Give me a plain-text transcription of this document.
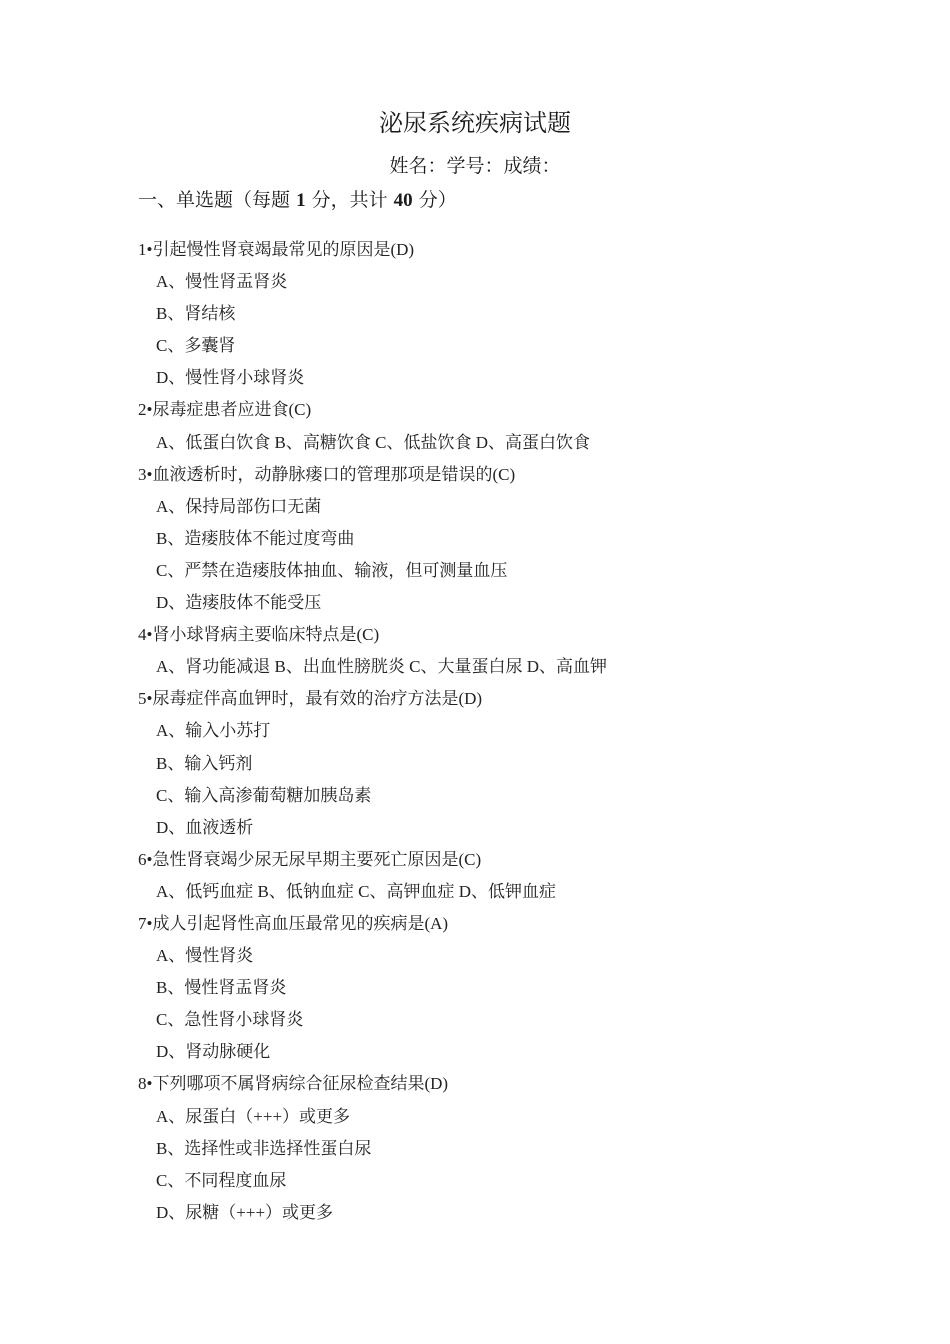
泌尿系统疾病试题
姓名：学号：成绩：
一、单选题（每题 1 分，共计 40 分）
1•引起慢性肾衰竭最常见的原因是(D)
A、慢性肾盂肾炎
B、肾结核
C、多囊肾
D、慢性肾小球肾炎
2•尿毒症患者应进食(C)
A、低蛋白饮食 B、高糖饮食 C、低盐饮食 D、高蛋白饮食
3•血液透析时，动静脉瘘口的管理那项是错误的(C)
A、保持局部伤口无菌
B、造瘘肢体不能过度弯曲
C、严禁在造瘘肢体抽血、输液，但可测量血压
D、造瘘肢体不能受压
4•肾小球肾病主要临床特点是(C)
A、肾功能减退 B、出血性膀胱炎 C、大量蛋白尿 D、高血钾
5•尿毒症伴高血钾时，最有效的治疗方法是(D)
A、输入小苏打
B、输入钙剂
C、输入高渗葡萄糖加胰岛素
D、血液透析
6•急性肾衰竭少尿无尿早期主要死亡原因是(C)
A、低钙血症 B、低钠血症 C、高钾血症 D、低钾血症
7•成人引起肾性高血压最常见的疾病是(A)
A、慢性肾炎
B、慢性肾盂肾炎
C、急性肾小球肾炎
D、肾动脉硬化
8•下列哪项不属肾病综合征尿检查结果(D)
A、尿蛋白（+++）或更多
B、选择性或非选择性蛋白尿
C、不同程度血尿
D、尿糖（+++）或更多
